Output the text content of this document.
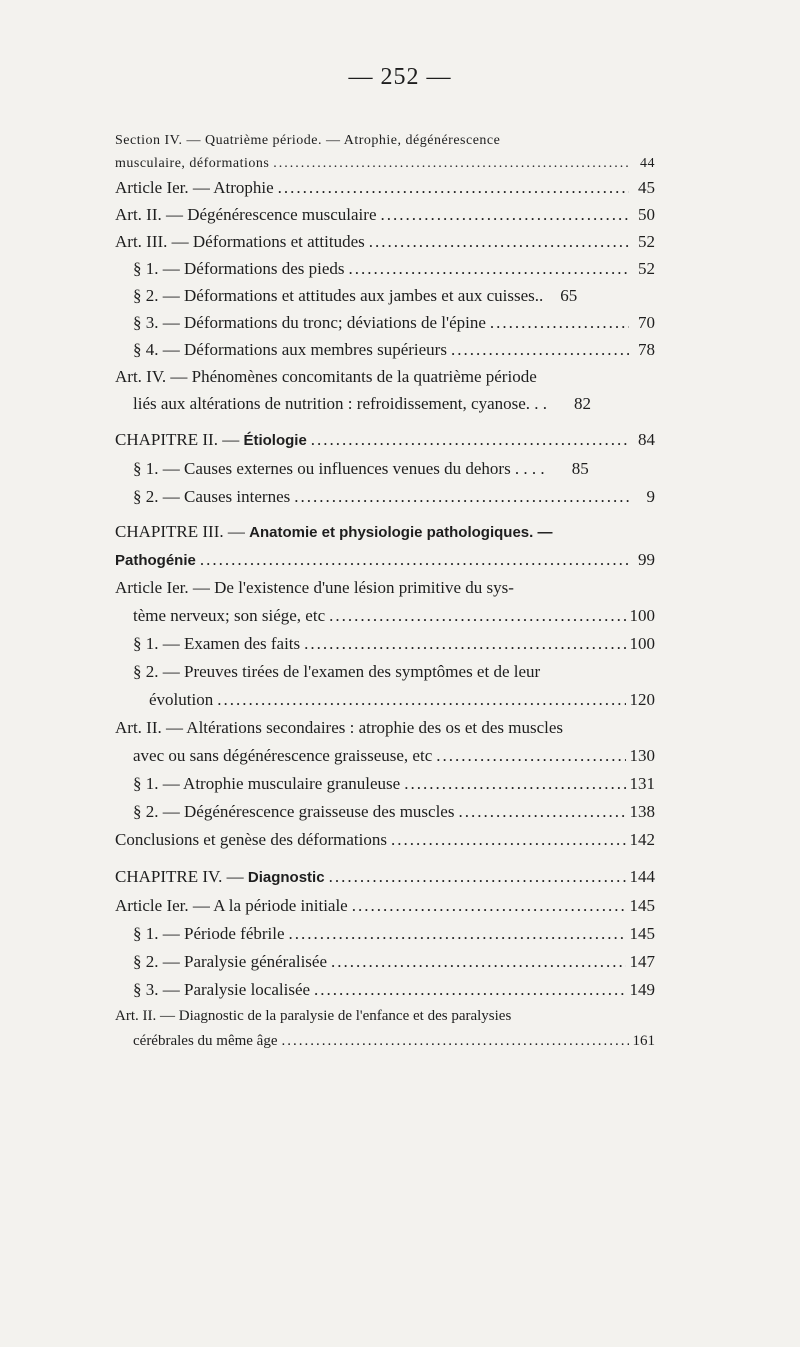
— 252 —
Section IV. — Quatrième période. — Atrophie, dégénérescence
musculaire, déformations .....	44
Article Ier. — Atrophie .....	45
Art. II. — Dégénérescence musculaire .....	50
Art. III. — Déformations et attitudes .....	52
§ 1. — Déformations des pieds .....	52
§ 2. — Déformations et attitudes aux jambes et aux cuisses.. 65
§ 3. — Déformations du tronc; déviations de l'épine .....	70
§ 4. — Déformations aux membres supérieurs .....	78
Art. IV. — Phénomènes concomitants de la quatrième période
liés aux altérations de nutrition : refroidissement, cyanose. . . 82
CHAPITRE II. — Étiologie .....	84
§ 1. — Causes externes ou influences venues du dehors . . . . 85
§ 2. — Causes internes .....	9
CHAPITRE III. — Anatomie et physiologie pathologiques. —
Pathogénie .....	99
Article Ier. — De l'existence d'une lésion primitive du sys-
tème nerveux; son siége, etc .....	100
§ 1. — Examen des faits .....	100
§ 2. — Preuves tirées de l'examen des symptômes et de leur
évolution .....	120
Art. II. — Altérations secondaires : atrophie des os et des muscles
avec ou sans dégénérescence graisseuse, etc .....	130
§ 1. — Atrophie musculaire granuleuse .....	131
§ 2. — Dégénérescence graisseuse des muscles .....	138
Conclusions et genèse des déformations .....	142
CHAPITRE IV. — Diagnostic .....	144
Article Ier. — A la période initiale .....	145
§ 1. — Période fébrile .....	145
§ 2. — Paralysie généralisée .....	147
§ 3. — Paralysie localisée .....	149
Art. II. — Diagnostic de la paralysie de l'enfance et des paralysies
cérébrales du même âge .....	161
